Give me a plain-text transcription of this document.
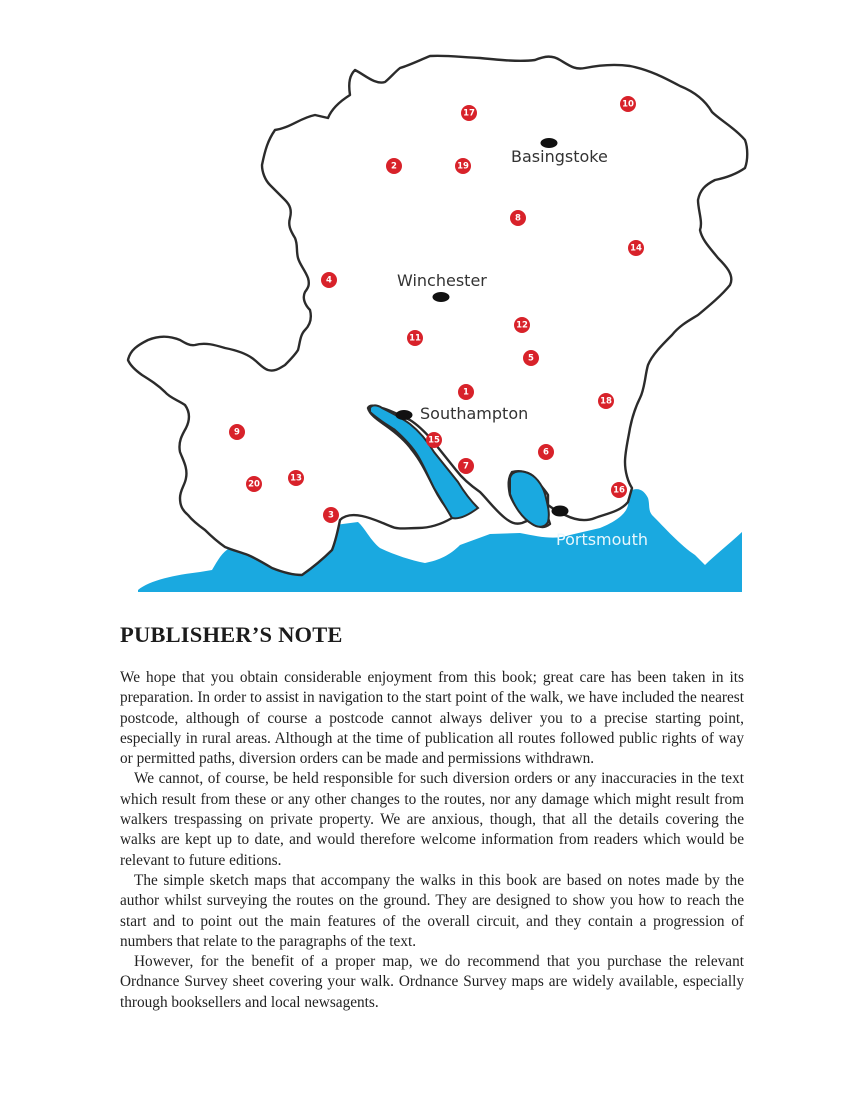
Basingstoke
Winchester
Southampton
Portsmouth
17
10
2	19
8
14
4
12
11
5
1
18
9
15
6
7
13
20
16
3
PUBLISHER’S NOTE

We hope that you obtain considerable enjoyment from this book; great care has been taken in its preparation. In order to assist in navigation to the start point of the walk, we have included the nearest postcode, although of course a postcode cannot always deliver you to a precise starting point, especially in rural areas. Although at the time of publication all routes followed public rights of way or permitted paths, diversion orders can be made and permissions withdrawn.

We cannot, of course, be held responsible for such diversion orders or any inaccuracies in the text which result from these or any other changes to the routes, nor any damage which might result from walkers trespassing on private property. We are anxious, though, that all the details covering the walks are kept up to date, and would therefore welcome information from readers which would be relevant to future editions.

The simple sketch maps that accompany the walks in this book are based on notes made by the author whilst surveying the routes on the ground. They are designed to show you how to reach the start and to point out the main features of the overall circuit, and they contain a progression of numbers that relate to the paragraphs of the text.

However, for the benefit of a proper map, we do recommend that you purchase the relevant Ordnance Survey sheet covering your walk. Ordnance Survey maps are widely available, especially through booksellers and local newsagents.
